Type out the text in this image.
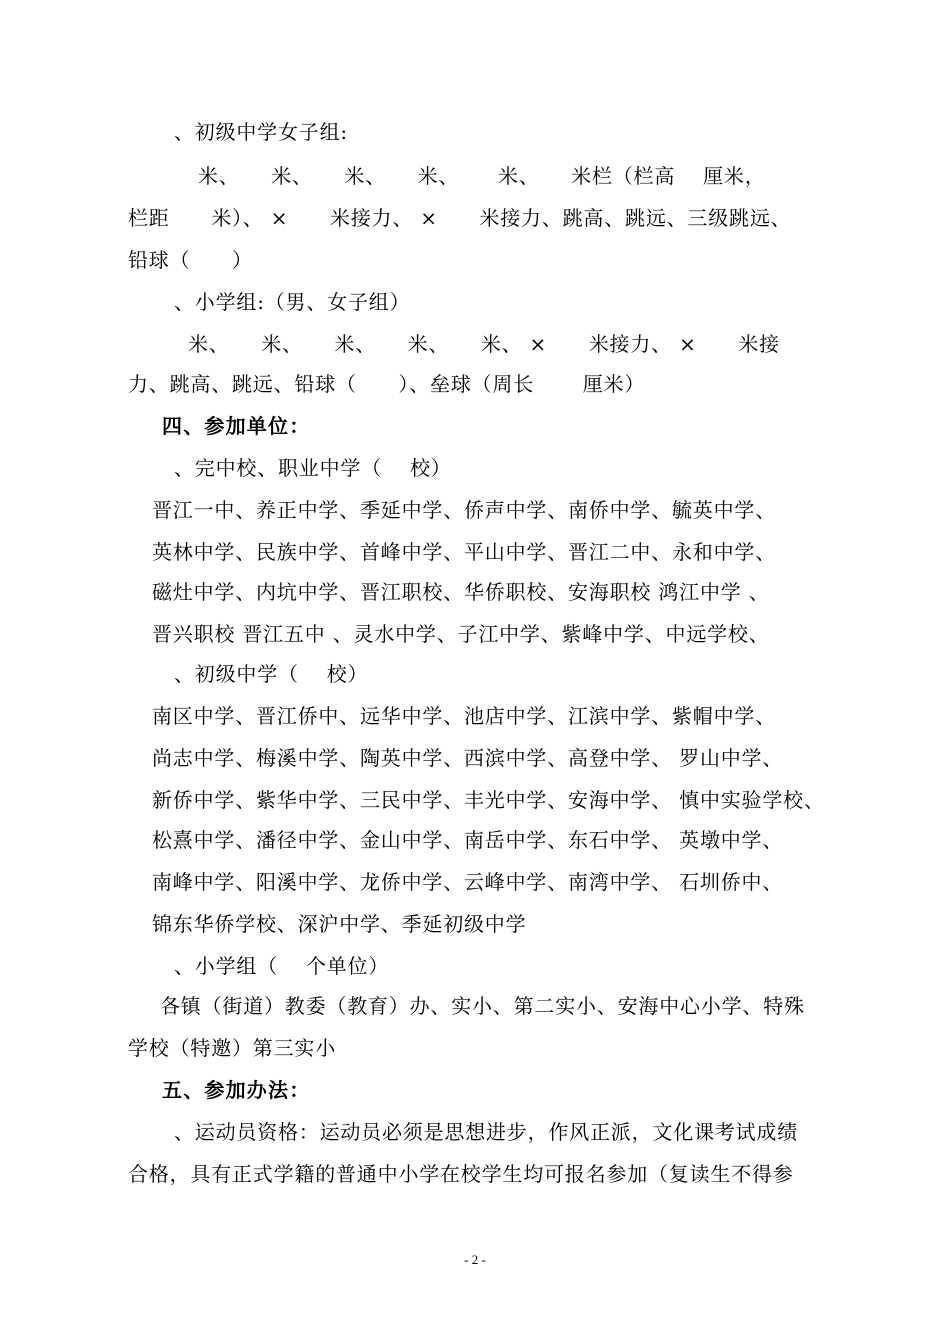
、初级中学女子组:
米、　　米、　　米、　　米、　　 米、　　米栏（栏高　 厘米，
栏距　　米）、 ×　　米接力、 ×　　米接力、跳高、跳远、三级跳远、
铅球（　　）
、小学组:（男、女子组）
米、　　米、　　米、　　米、　　米、 ×　　米接力、 ×　　米接
力、跳高、跳远、铅球（　　）、垒球（周长　　 厘米）
四、参加单位：
、完中校、职业中学（　 校）
晋江一中、养正中学、季延中学、侨声中学、南侨中学、毓英中学、
英林中学、民族中学、首峰中学、平山中学、晋江二中、永和中学、
磁灶中学、内坑中学、晋江职校、华侨职校、安海职校 鸿江中学 、
晋兴职校 晋江五中 、灵水中学、子江中学、紫峰中学、中远学校、
、初级中学（　 校）
南区中学、晋江侨中、远华中学、池店中学、江滨中学、紫帽中学、
尚志中学、梅溪中学、陶英中学、西滨中学、高登中学、 罗山中学、
新侨中学、紫华中学、三民中学、丰光中学、安海中学、 慎中实验学校、
松熹中学、潘径中学、金山中学、南岳中学、东石中学、 英墩中学、
南峰中学、阳溪中学、龙侨中学、云峰中学、南湾中学、 石圳侨中、
锦东华侨学校、深沪中学、季延初级中学
、小学组（　 个单位）
各镇（街道）教委（教育）办、实小、第二实小、安海中心小学、特殊
学校（特邀）第三实小
五、参加办法：
、运动员资格：运动员必须是思想进步，作风正派，文化课考试成绩
合格，具有正式学籍的普通中小学在校学生均可报名参加（复读生不得参
- 2 -
